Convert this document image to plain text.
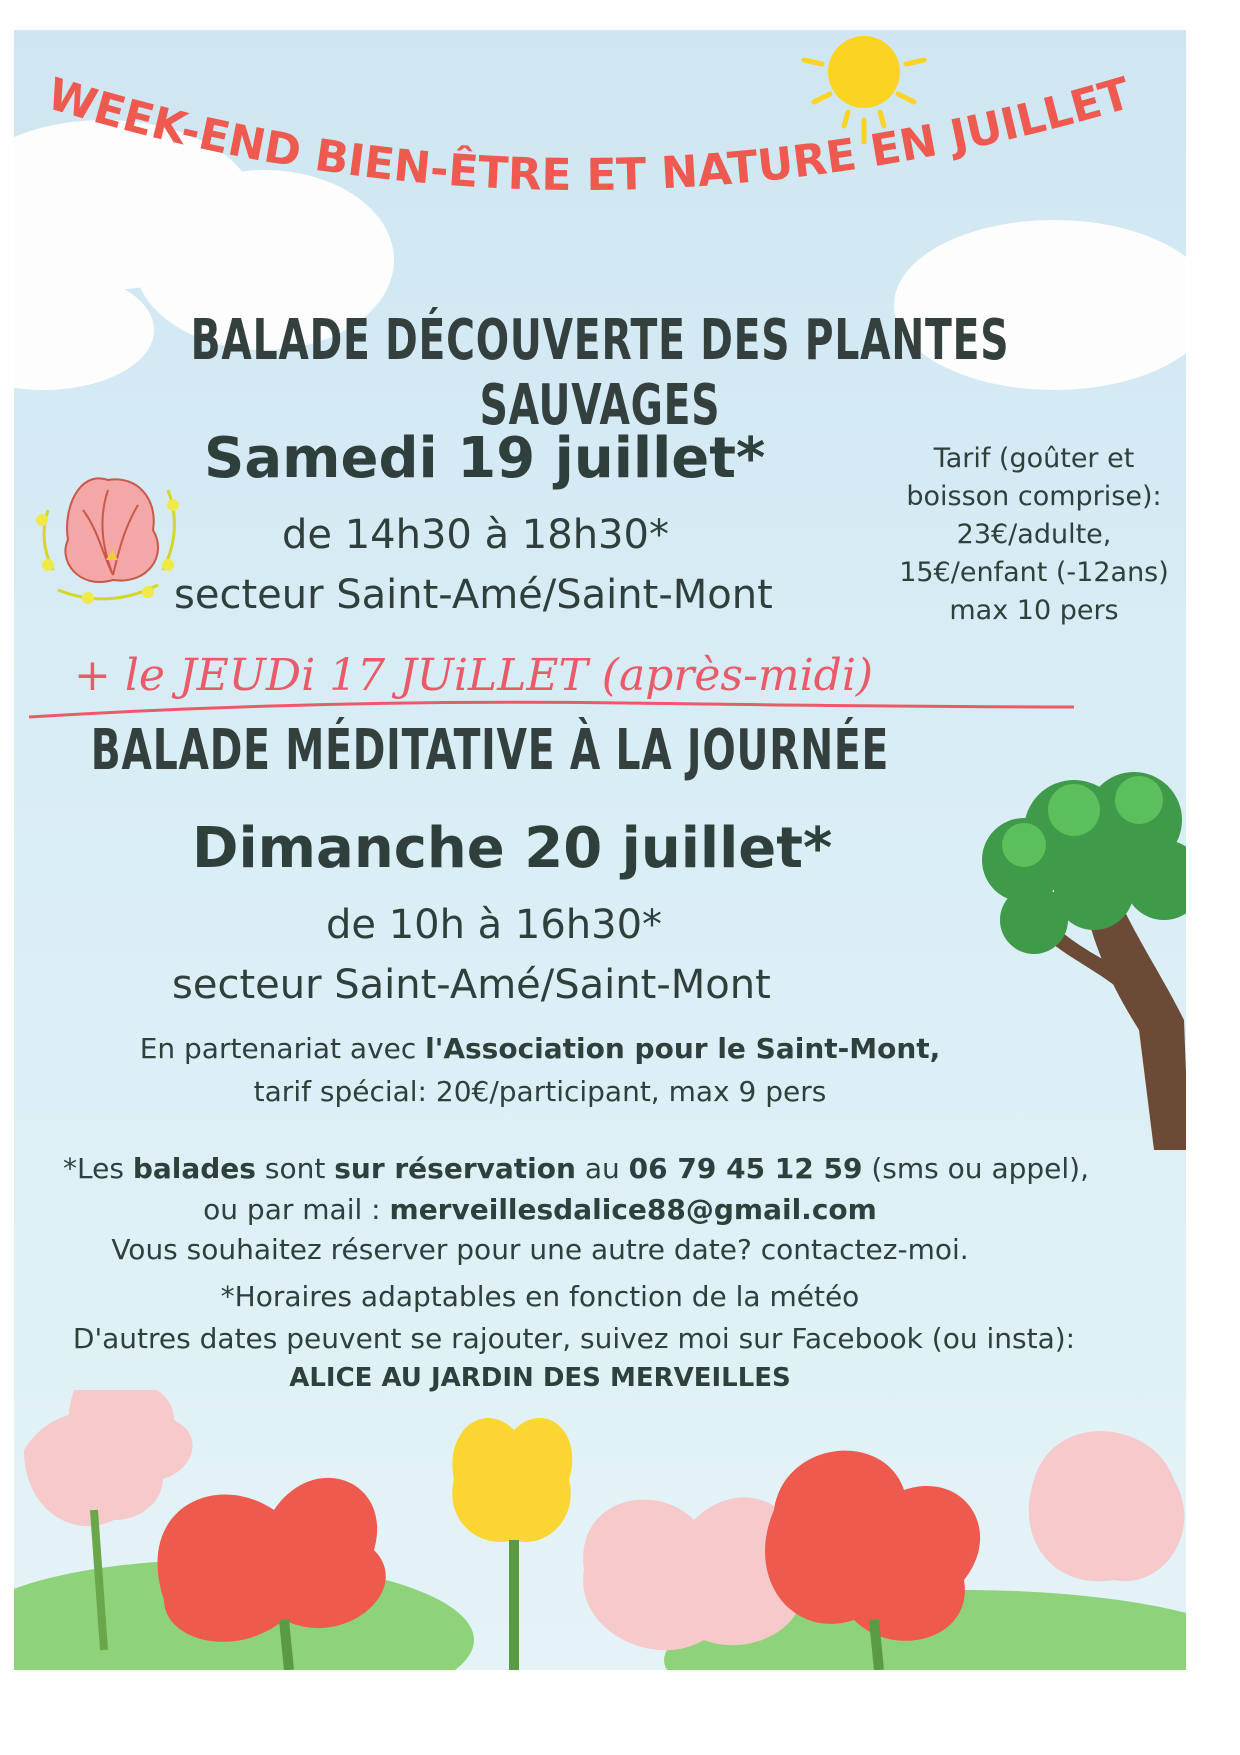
WEEK-END BIEN-ÊTRE ET NATURE EN JUILLET
BALADE DÉCOUVERTE DES PLANTES SAUVAGES
Samedi 19 juillet*
de 14h30 à 18h30*
secteur Saint-Amé/Saint-Mont
Tarif (goûter et
boisson comprise):
23€/adulte,
15€/enfant (-12ans)
max 10 pers
+ le JEUDi 17 JUiLLET (après-midi)
BALADE MÉDITATIVE À LA JOURNÉE
Dimanche 20 juillet*
de 10h à 16h30*
secteur Saint-Amé/Saint-Mont
En partenariat avec l'Association pour le Saint-Mont,
tarif spécial: 20€/participant, max 9 pers
*Les balades sont sur réservation au 06 79 45 12 59 (sms ou appel),
ou par mail : merveillesdalice88@gmail.com
Vous souhaitez réserver pour une autre date? contactez-moi.
*Horaires adaptables en fonction de la météo
D'autres dates peuvent se rajouter, suivez moi sur Facebook (ou insta):
ALICE AU JARDIN DES MERVEILLES
